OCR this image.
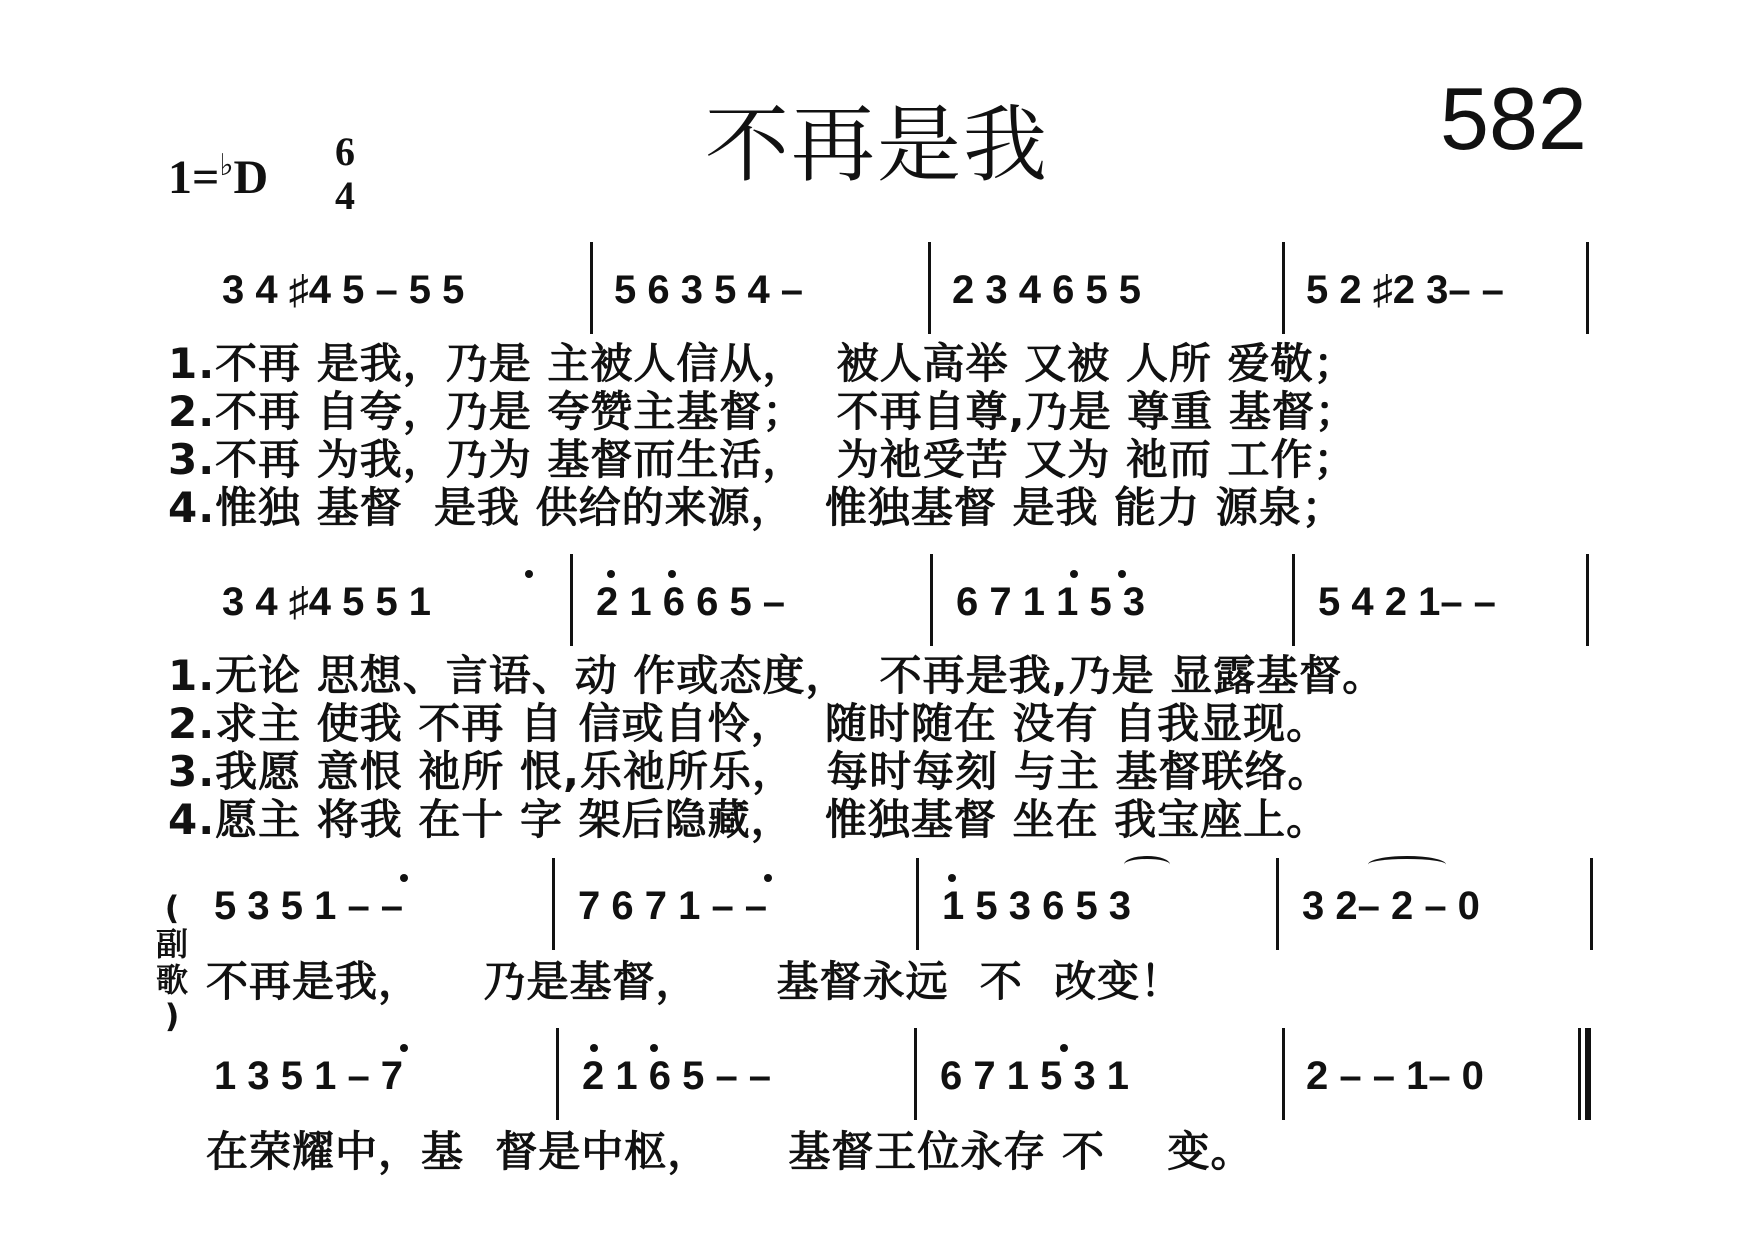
不再是我	582
1=♭D 6
4
3 4 ♯4 5 – 5 5	5 6 3 5 4 –	2 3 4 6 5 5	5 2 ♯2 3– –
1.不再 是我，乃是 主被人信从，  被人高举 又被 人所 爱敬；
2.不再 自夸，乃是 夸赞主基督；  不再自尊,乃是 尊重 基督；
3.不再 为我，乃为 基督而生活，  为祂受苦 又为 祂而 工作；
4.惟独 基督  是我 供给的来源，  惟独基督 是我 能力 源泉；
3 4 ♯4 5 5 1	2 1 6 6 5 –	6 7 1 1 5 3	5 4 2 1– –
1.无论 思想、言语、动 作或态度，  不再是我,乃是 显露基督。
2.求主 使我 不再 自 信或自怜，  随时随在 没有 自我显现。
3.我愿 意恨 祂所 恨,乐祂所乐，  每时每刻 与主 基督联络。
4.愿主 将我 在十 字 架后隐藏，  惟独基督 坐在 我宝座上。
(
副
歌
)
5 3 5 1 – –	7 6 7 1 – –	1 5 3 6 5 3	3 2– 2 – 0
不再是我，    乃是基督，     基督永远  不  改变！
1 3 5 1 – 7	2 1 6 5 – –	6 7 1 5 3 1	2 – – 1– 0
在荣耀中，基  督是中枢，     基督王位永存 不    变。
